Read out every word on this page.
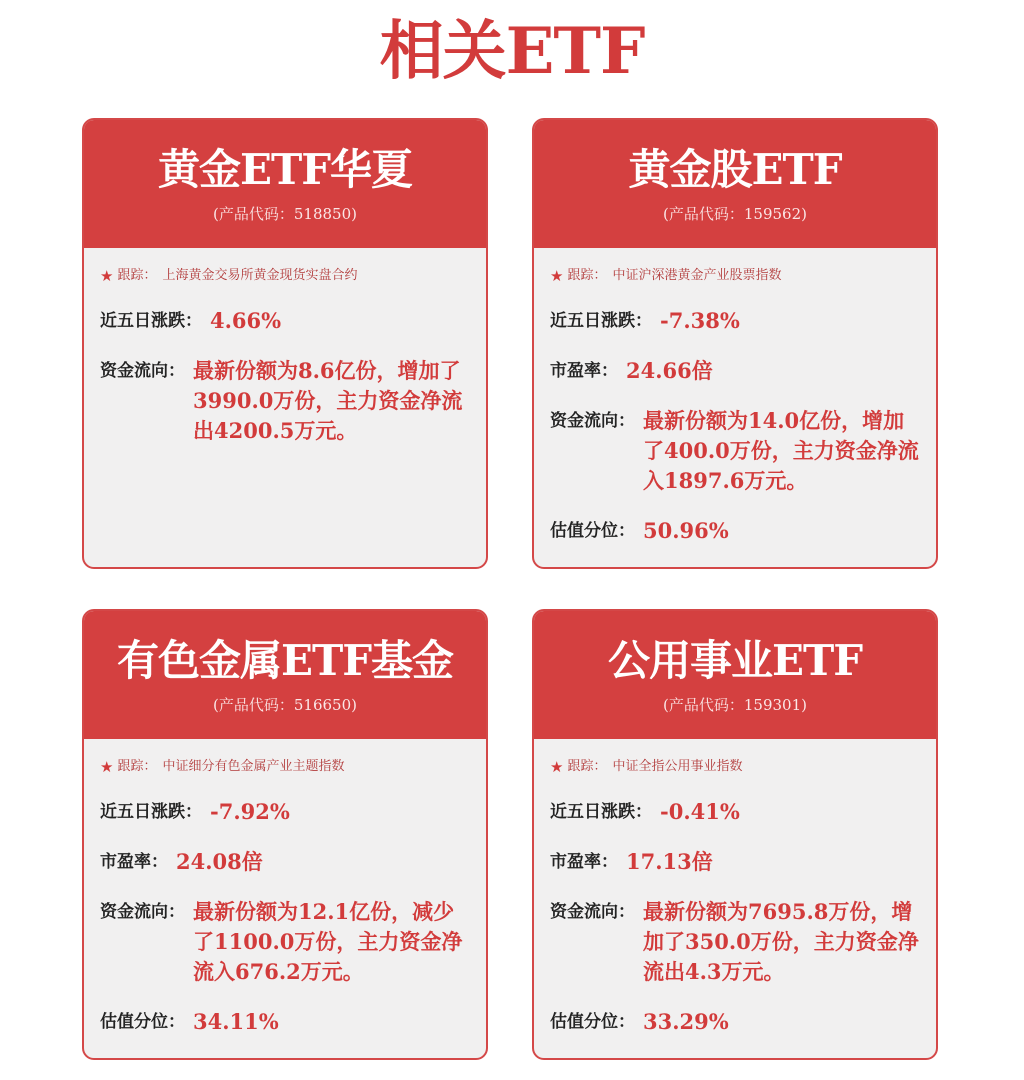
相关ETF
黄金ETF华夏
(产品代码：518850)
★ 跟踪： 上海黄金交易所黄金现货实盘合约
近五日涨跌： 4.66%
资金流向： 最新份额为8.6亿份，增加了3990.0万份，主力资金净流出4200.5万元。
黄金股ETF
(产品代码：159562)
★ 跟踪： 中证沪深港黄金产业股票指数
近五日涨跌： -7.38%
市盈率： 24.66倍
资金流向： 最新份额为14.0亿份，增加了400.0万份，主力资金净流入1897.6万元。
估值分位： 50.96%
有色金属ETF基金
(产品代码：516650)
★ 跟踪： 中证细分有色金属产业主题指数
近五日涨跌： -7.92%
市盈率： 24.08倍
资金流向： 最新份额为12.1亿份，减少了1100.0万份，主力资金净流入676.2万元。
估值分位： 34.11%
公用事业ETF
(产品代码：159301)
★ 跟踪： 中证全指公用事业指数
近五日涨跌： -0.41%
市盈率： 17.13倍
资金流向： 最新份额为7695.8万份，增加了350.0万份，主力资金净流出4.3万元。
估值分位： 33.29%
